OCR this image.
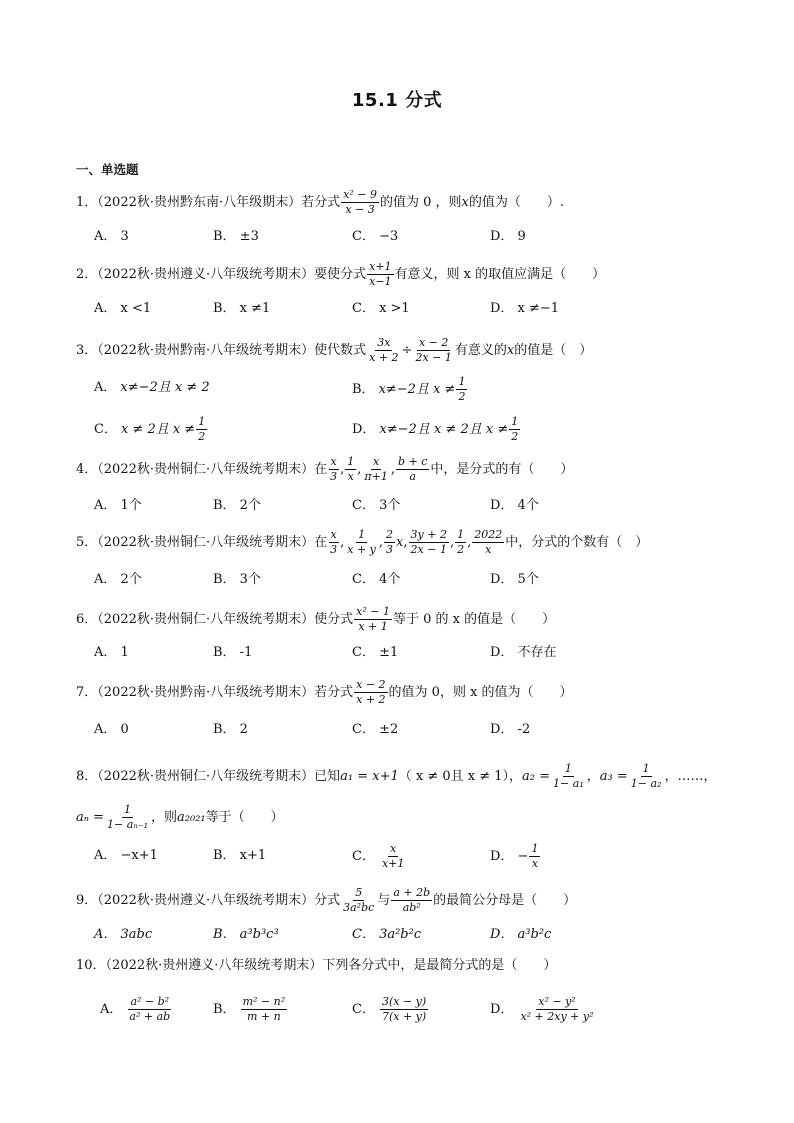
15.1 分式
一、单选题
1．（2022秋·贵州黔东南·八年级期末）若分式 $\frac{\text{x² − 9}}{x - 3}$ 的值为 0 ，则 x 的值为（　　）.
A． 3	B． ±3	C． −3	D． 9
2．（2022秋·贵州遵义·八年级统考期末）要使分式 $\frac{x+1}{x-1}$ 有意义，则 x 的取值应满足（　　）
A． x <1	B． x ≠1	C． x >1	D． x ≠−1
3．（2022秋·贵州黔南·八年级统考期末）使代数式 $\frac{3x}{x + 2} \div \frac{x - 2}{2x - 1}$ 有意义的 x 的值是（　）
A． x≠−2且 x ≠ 2	B． x≠−2且 $x \ne \frac{1}{2}$
C． x ≠ 2且 $x \ne \frac{1}{2}$	D． x≠−2且 x ≠ 2且 $x \ne \frac{1}{2}$
4．（2022秋·贵州铜仁·八年级统考期末）在 $\frac{x}{3}$ , $\frac{1}{x}$ , $\frac{x}{\pi+1}$ , $\frac{b + c}{a}$ 中，是分式的有（　　）
A． 1个	B． 2个	C． 3个	D． 4个
5．（2022秋·贵州铜仁·八年级统考期末）在 $\frac{x}{3}$ , $\frac{1}{x + y}$ , $\frac{2}{3}$ x , $\frac{3y + 2}{2x - 1}$ , $\frac{1}{2}$ , $\frac{2022}{x}$ 中，分式的个数有（　）
A． 2个	B． 3个	C． 4个	D． 5个
6．（2022秋·贵州铜仁·八年级统考期末）使分式 $\frac{\text{x² − 1}}{x + 1}$ 等于 0 的 x 的值是（　　）
A． 1	B． -1	C． ±1	D． 不存在
7．（2022秋·贵州黔南·八年级统考期末）若分式 $\frac{x - 2}{x + 2}$ 的值为 0，则 x 的值为（　　）
A． 0	B． 2	C． ±2	D． -2
8．（2022秋·贵州铜仁·八年级统考期末）已知 a₁ = x+1 （ x ≠ 0且 x ≠ 1）， $a_2 = \frac{1}{\text{1− a₁}}$ ， $a_3 = \frac{1}{\text{1− a₂}}$ ，……，
$a_n = \frac{1}{\text{1− aₙ₋₁}}$ ，则 a₂₀₂₁ 等于（　　）
A． −x+1	B． x+1	C． $\frac{x}{x+1}$	D． − $\frac{1}{x}$
9．（2022秋·贵州遵义·八年级统考期末）分式 $\frac{5}{\text{3a²bc}}$ 与 $\frac{a + 2b}{\text{ab²}}$ 的最简公分母是（　　）
A． 3abc	B． a³b³c³	C． 3a²b²c	D． a³b²c
10．（2022秋·贵州遵义·八年级统考期末）下列各分式中，是最简分式的是（　　）
A． $\frac{\text{a² − b²}}{\text{a² + ab}}$	B． $\frac{\text{m² − n²}}{m + n}$	C． $\frac{3(x - y)}{7(x + y)}$	D． $\frac{\text{x² − y²}}{\text{x² + 2xy + y²}}$
